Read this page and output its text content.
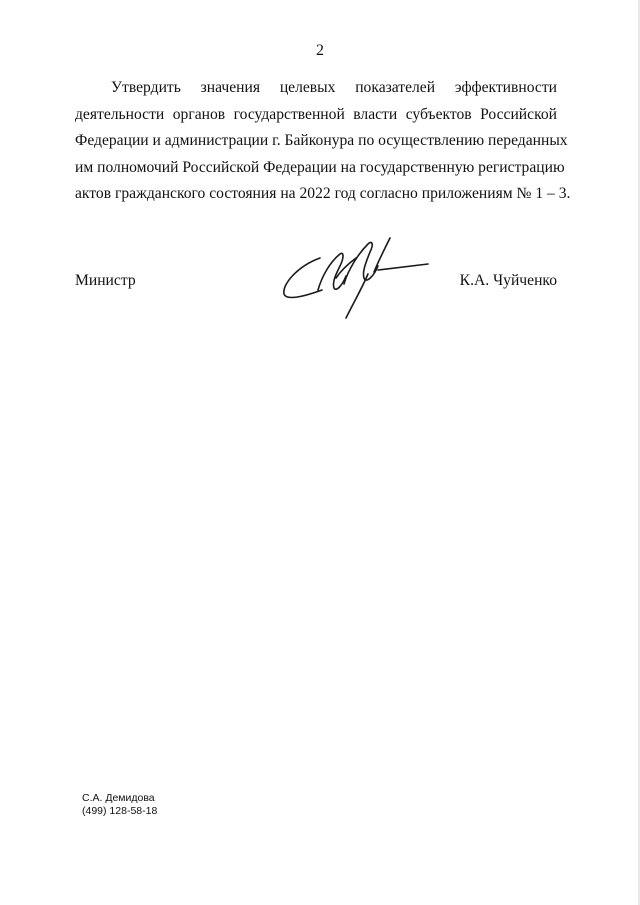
2
Утвердить значения целевых показателей эффективности
деятельности органов государственной власти субъектов Российской
Федерации и администрации г. Байконура по осуществлению переданных
им полномочий Российской Федерации на государственную регистрацию
актов гражданского состояния на 2022 год согласно приложениям № 1 – 3.
Министр	К.А. Чуйченко
С.А. Демидова
(499) 128-58-18
